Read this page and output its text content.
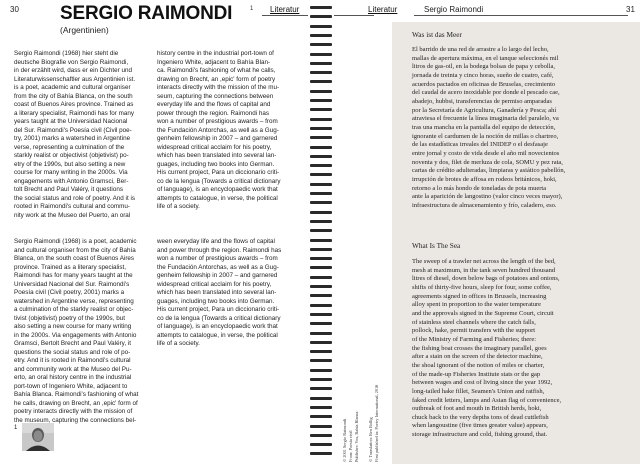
30	Literatur
SERGIO RAIMONDI	1
(Argentinien)

Sergio Raimondi (1968) hier steht die
deutsche Biografie von Sergio Raimondi,
in der erzählt wird, dass er ein Dichter und
Literaturwissenschaftler aus Argentinien ist.
is a poet, academic and cultural organiser
from the city of Bahía Blanca, on the south
coast of Buenos Aires province. Trained as
a literary specialist, Raimondi has for many
years taught at the Universidad Nacional
del Sur. Raimondi's Poesía civil (Civil poe-
try, 2001) marks a watershed in Argentine
verse, representing a culmination of the
starkly realist or objectivist (objetivist) po-
etry of the 1990s, but also setting a new
course for many writing in the 2000s. Via
engagements with Antonio Gramsci, Ber-
tolt Brecht and Paul Valéry, it questions
the social status and role of poetry. And it is
rooted in Raimondi's cultural and commu-
nity work at the Museo del Puerto, an oral

history centre in the industrial port-town of
Ingeniero White, adjacent to Bahía Blan-
ca. Raimondi's fashioning of what he calls,
drawing on Brecht, an ,epic' form of poetry
interacts directly with the mission of the mu-
seum, capturing the connections between
everyday life and the flows of capital and
power through the region. Raimondi has
won a number of prestigious awards – from
the Fundación Antorchas, as well as a Gug-
genheim fellowship in 2007 – and garnered
widespread critical acclaim for his poetry,
which has been translated into several lan-
guages, including two books into German.
His current project, Para un diccionario criti-
co de la lengua (Towards a critical dictionary
of language), is an encyclopaedic work that
attempts to catalogue, in verse, the political
life of a society.

Sergio Raimondi (1968) is a poet, academic
and cultural organiser from the city of Bahía
Blanca, on the south coast of Buenos Aires
province. Trained as a literary specialist,
Raimondi has for many years taught at the
Universidad Nacional del Sur. Raimondi's
Poesía civil (Civil poetry, 2001) marks a
watershed in Argentine verse, representing
a culmination of the starkly realist or objec-
tivist (objetivist) poetry of the 1990s, but
also setting a new course for many writing
in the 2000s. Via engagements with Antonio
Gramsci, Bertolt Brecht and Paul Valéry, it
questions the social status and role of po-
etry. And it is rooted in Raimondi's cultural
and community work at the Museo del Pu-
erto, an oral history centre in the industrial
port-town of Ingeniero White, adjacent to
Bahía Blanca. Raimondi's fashioning of what
he calls, drawing on Brecht, an ,epic' form of
poetry interacts directly with the mission of
the museum, capturing the connections bel-

ween everyday life and the flows of capital
and power through the region. Raimondi has
won a number of prestigious awards – from
the Fundación Antorchas, as well as a Gug-
genheim fellowship in 2007 – and garnered
widespread critical acclaim for his poetry,
which has been translated into several lan-
guages, including two books into German.
His current project, Para un diccionario criti-
co de la lengua (Towards a critical dictionary
of language), is an encyclopaedic work that
attempts to catalogue, in verse, the political
life of a society.

1
Literatur	Sergio Raimondi	31
© 2001 Sergio Raimondi From: Poesía civil Publisher: Vox, Bahía Blanca © Translation: Ben Bollig First published in: Poetry International, 2016
Was ist das Meer
El barrido de una red de arrastre a lo largo del lecho,
mallas de apertura máxima, en el tanque seleccionés mil
litros de gas-oil, en la bodega bolsas de papa y cebolla,
jornada de treinta y cinco horas, sueño de cuatro, café,
acuerdos pactados en oficinas de Bruselas, crecimiento
del caudal de acero inoxidable por donde el pescado cae,
abadejo, hubbsi, transferencias de permiso amparadas
por la Secretaría de Agricultura, Ganadería y Pesca; ahí
atraviesa el frecuente la línea imaginaria del paralelo, va
tras una mancha en la pantalla del equipo de detección,
ignorante el cardumen de la noción de millas o chartreo,
de las estadísticas irreales del INIDEP o el desfasaje
entre jornal y costo de vida desde el año mil novecientos
noventa y dos, filet de merluza de cola, SOMU y pez rata,
cartas de crédito adulteradas, limpiaras y asiático pabellón,
irrupción de brotes de affosa en rodeos británicos, hoki,
retorno a lo más hondo de toneladas de pota muerta
ante la aparición de langostino (valor cinco veces mayor),
infraestructura de almacenamiento y frío, caladero, eso.
What Is The Sea
The sweep of a trawler net across the length of the bed,
mesh at maximum, in the tank seven hundred thousand
litres of diesel, down below bags of potatoes and onions,
shifts of thirty-five hours, sleep for four, some coffee,
agreements signed in offices in Brussels, increasing
alloy spent in proportion to the water temperature
and the approvals signed in the Supreme Court, circuit
of stainless steel channels where the catch falls,
pollock, hake, permit transfers with the support
of the Ministry of Farming and Fisheries; there:
the fishing boat crosses the imaginary parallel, goes
after a stain on the screen of the detector machine,
the shoal ignorant of the notion of miles or charter,
of the made-up Fisheries Institute stats or the gap
between wages and cost of living since the year 1992,
long-tailed hake fillet, Seamen's Union and ratfish,
faked credit letters, lamps and Asian flag of convenience,
outbreak of foot and mouth in British herds, hoki,
chuck back to the very depths tons of dead cuttlefish
when langoustine (five times greater value) appears,
storage infrastructure and cold, fishing ground, that.
